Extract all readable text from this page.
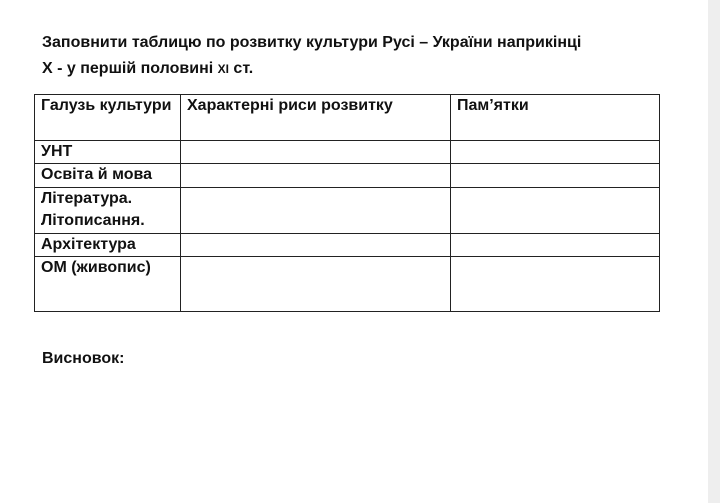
Заповнити таблицю по розвитку культури Русі – України наприкінці
Х - у першій половині ХІ ст.
Галузь культури	Характерні риси розвитку	Пам’ятки
УНТ		
Освіта й мова		
Література. Літописання.		
Архітектура		
ОМ (живопис)		
Висновок:
